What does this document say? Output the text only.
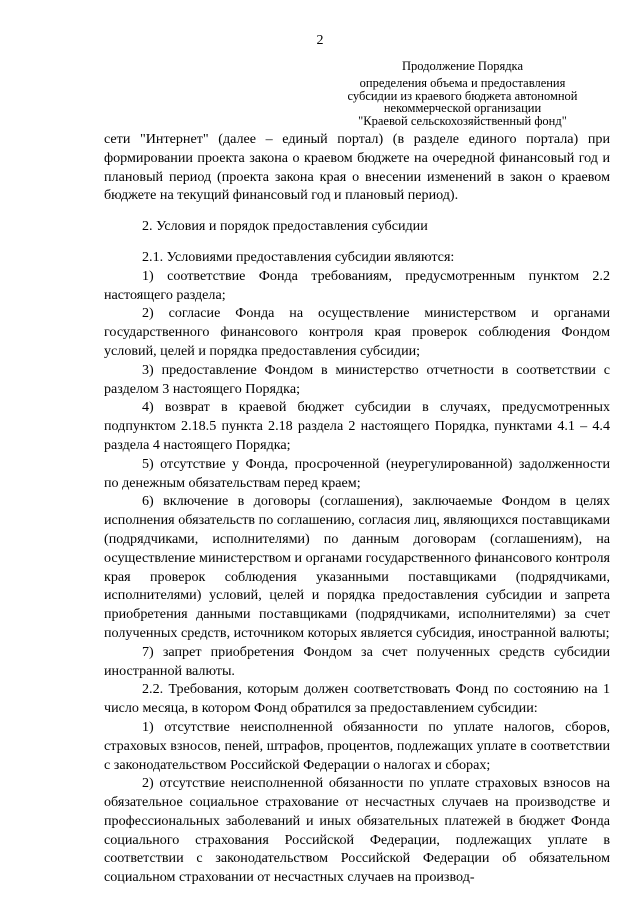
2
Продолжение Порядка
определения объема и предоставления
субсидии из краевого бюджета автономной
некоммерческой организации
"Краевой сельскохозяйственный фонд"

сети "Интернет" (далее – единый портал) (в разделе единого портала) при формировании проекта закона о краевом бюджете на очередной финансовый год и плановый период (проекта закона края о внесении изменений в закон о краевом бюджете на текущий финансовый год и плановый период).

2. Условия и порядок предоставления субсидии

2.1. Условиями предоставления субсидии являются:

1) соответствие Фонда требованиям, предусмотренным пунктом 2.2 настоящего раздела;

2) согласие Фонда на осуществление министерством и органами государственного финансового контроля края проверок соблюдения Фондом условий, целей и порядка предоставления субсидии;

3) предоставление Фондом в министерство отчетности в соответствии с разделом 3 настоящего Порядка;

4) возврат в краевой бюджет субсидии в случаях, предусмотренных подпунктом 2.18.5 пункта 2.18 раздела 2 настоящего Порядка, пунктами 4.1 – 4.4 раздела 4 настоящего Порядка;

5) отсутствие у Фонда, просроченной (неурегулированной) задолженности по денежным обязательствам перед краем;

6) включение в договоры (соглашения), заключаемые Фондом в целях исполнения обязательств по соглашению, согласия лиц, являющихся поставщиками (подрядчиками, исполнителями) по данным договорам (соглашениям), на осуществление министерством и органами государственного финансового контроля края проверок соблюдения указанными поставщиками (подрядчиками, исполнителями) условий, целей и порядка предоставления субсидии и запрета приобретения данными поставщиками (подрядчиками, исполнителями) за счет полученных средств, источником которых является субсидия, иностранной валюты;

7) запрет приобретения Фондом за счет полученных средств субсидии иностранной валюты.

2.2. Требования, которым должен соответствовать Фонд по состоянию на 1 число месяца, в котором Фонд обратился за предоставлением субсидии:

1) отсутствие неисполненной обязанности по уплате налогов, сборов, страховых взносов, пеней, штрафов, процентов, подлежащих уплате в соответствии с законодательством Российской Федерации о налогах и сборах;

2) отсутствие неисполненной обязанности по уплате страховых взносов на обязательное социальное страхование от несчастных случаев на производстве и профессиональных заболеваний и иных обязательных платежей в бюджет Фонда социального страхования Российской Федерации, подлежащих уплате в соответствии с законодательством Российской Федерации об обязательном социальном страховании от несчастных случаев на производ-
